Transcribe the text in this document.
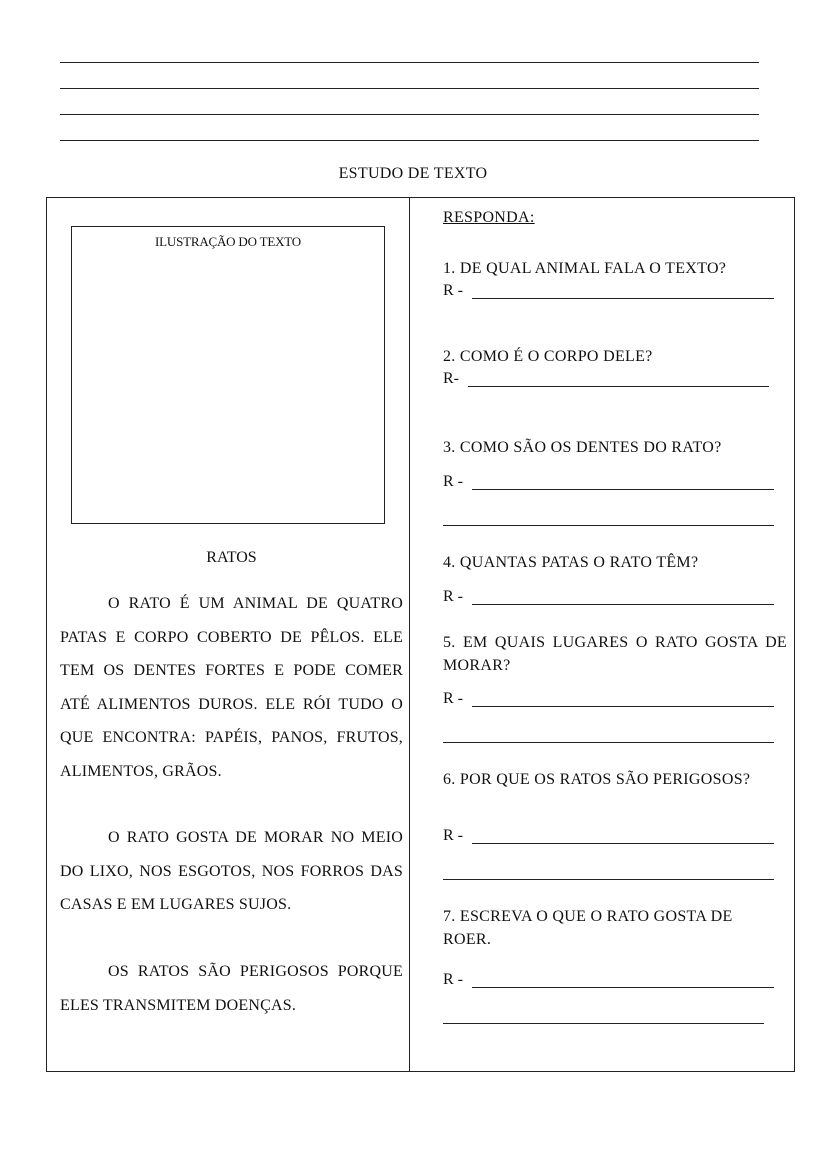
ESTUDO DE TEXTO
ILUSTRAÇÃO DO TEXTO
RATOS

O RATO É UM ANIMAL DE QUATRO PATAS E CORPO COBERTO DE PÊLOS. ELE TEM OS DENTES FORTES E PODE COMER ATÉ ALIMENTOS DUROS. ELE RÓI TUDO O QUE ENCONTRA: PAPÉIS, PANOS, FRUTOS, ALIMENTOS, GRÃOS.

O RATO GOSTA DE MORAR NO MEIO DO LIXO, NOS ESGOTOS, NOS FORROS DAS CASAS E EM LUGARES SUJOS.

OS RATOS SÃO PERIGOSOS PORQUE ELES TRANSMITEM DOENÇAS.

RESPONDA:

1. DE QUAL ANIMAL FALA O TEXTO?

R -

2. COMO É O CORPO DELE?

R-

3. COMO SÃO OS DENTES DO RATO?

R -

4. QUANTAS PATAS O RATO TÊM?

R -

5. EM QUAIS LUGARES O RATO GOSTA DE MORAR?

R -

6. POR QUE OS RATOS SÃO PERIGOSOS?

R -

7. ESCREVA O QUE O RATO GOSTA DE ROER.

R -
